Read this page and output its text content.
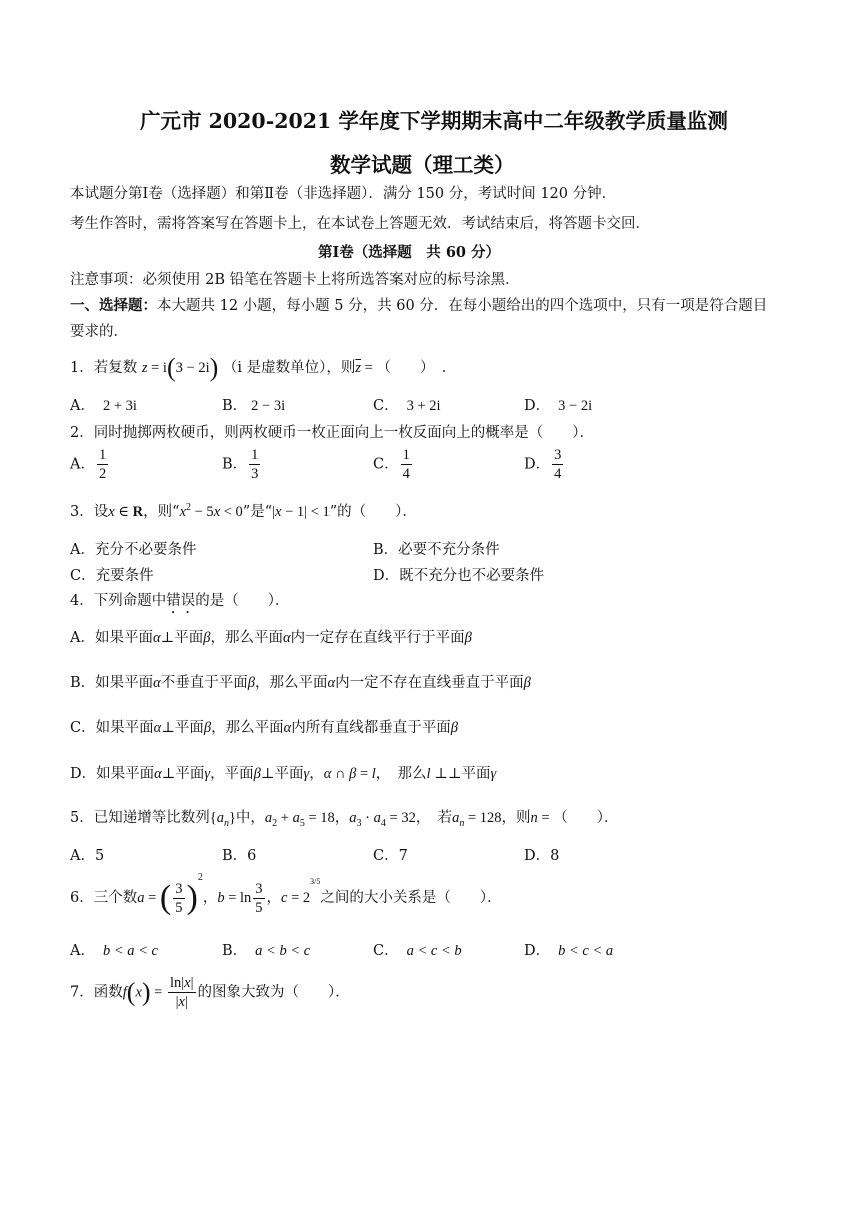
广元市 2020-2021 学年度下学期期末高中二年级教学质量监测
数学试题（理工类）
本试题分第Ⅰ卷（选择题）和第Ⅱ卷（非选择题）．满分 150 分，考试时间 120 分钟．
考生作答时，需将答案写在答题卡上，在本试卷上答题无效．考试结束后，将答题卡交回．
第Ⅰ卷（选择题　共 60 分）
注意事项：必须使用 2B 铅笔在答题卡上将所选答案对应的标号涂黑．
一、选择题：本大题共 12 小题，每小题 5 分，共 60 分．在每小题给出的四个选项中，只有一项是符合题目
要求的．
1．若复数 z = i(3 − 2i) （i 是虚数单位），则$\overline{z}$ = （　　）　．
A． 2 + 3i	B． 2 − 3i	C． 3 + 2i	D． 3 − 2i
2．同时抛掷两枚硬币，则两枚硬币一枚正面向上一枚反面向上的概率是（　　）．
A． $\frac{1}{2}$	B． $\frac{1}{3}$	C． $\frac{1}{4}$	D． $\frac{3}{4}$
3．设x ∈ R，则“$x^2 - 5x < 0$”是“|x − 1| < 1”的（　　）．
A．充分不必要条件	B．必要不充分条件
C．充要条件	D．既不充分也不必要条件
4．下列命题中错误的是（　　）．
A．如果平面α⊥平面β，那么平面α内一定存在直线平行于平面β
B．如果平面α不垂直于平面β，那么平面α内一定不存在直线垂直于平面β
C．如果平面α⊥平面β，那么平面α内所有直线都垂直于平面β
D．如果平面α⊥平面γ，平面β⊥平面γ，α ∩ β = l，　那么l ⊥⊥平面γ
5．已知递增等比数列$\{a_n\}$中，$a_2 + a_5 = 18$，$a_3 \cdot a_4 = 32$，　若$a_n = 128$，则n = （　　）．
A．5	B．6	C．7	D．8
6．三个数a = ( $\frac{3}{5} )^2$，$b = \ln \frac{3}{5}$ ，$c = 2^{3/5}$之间的大小关系是（　　）．
A． b < a < c	B． a < b < c	C． a < c < b	D． b < c < a
7．函数$f(x) = \frac{\ln|x|}{|x|}$ 的图象大致为（　　）．
